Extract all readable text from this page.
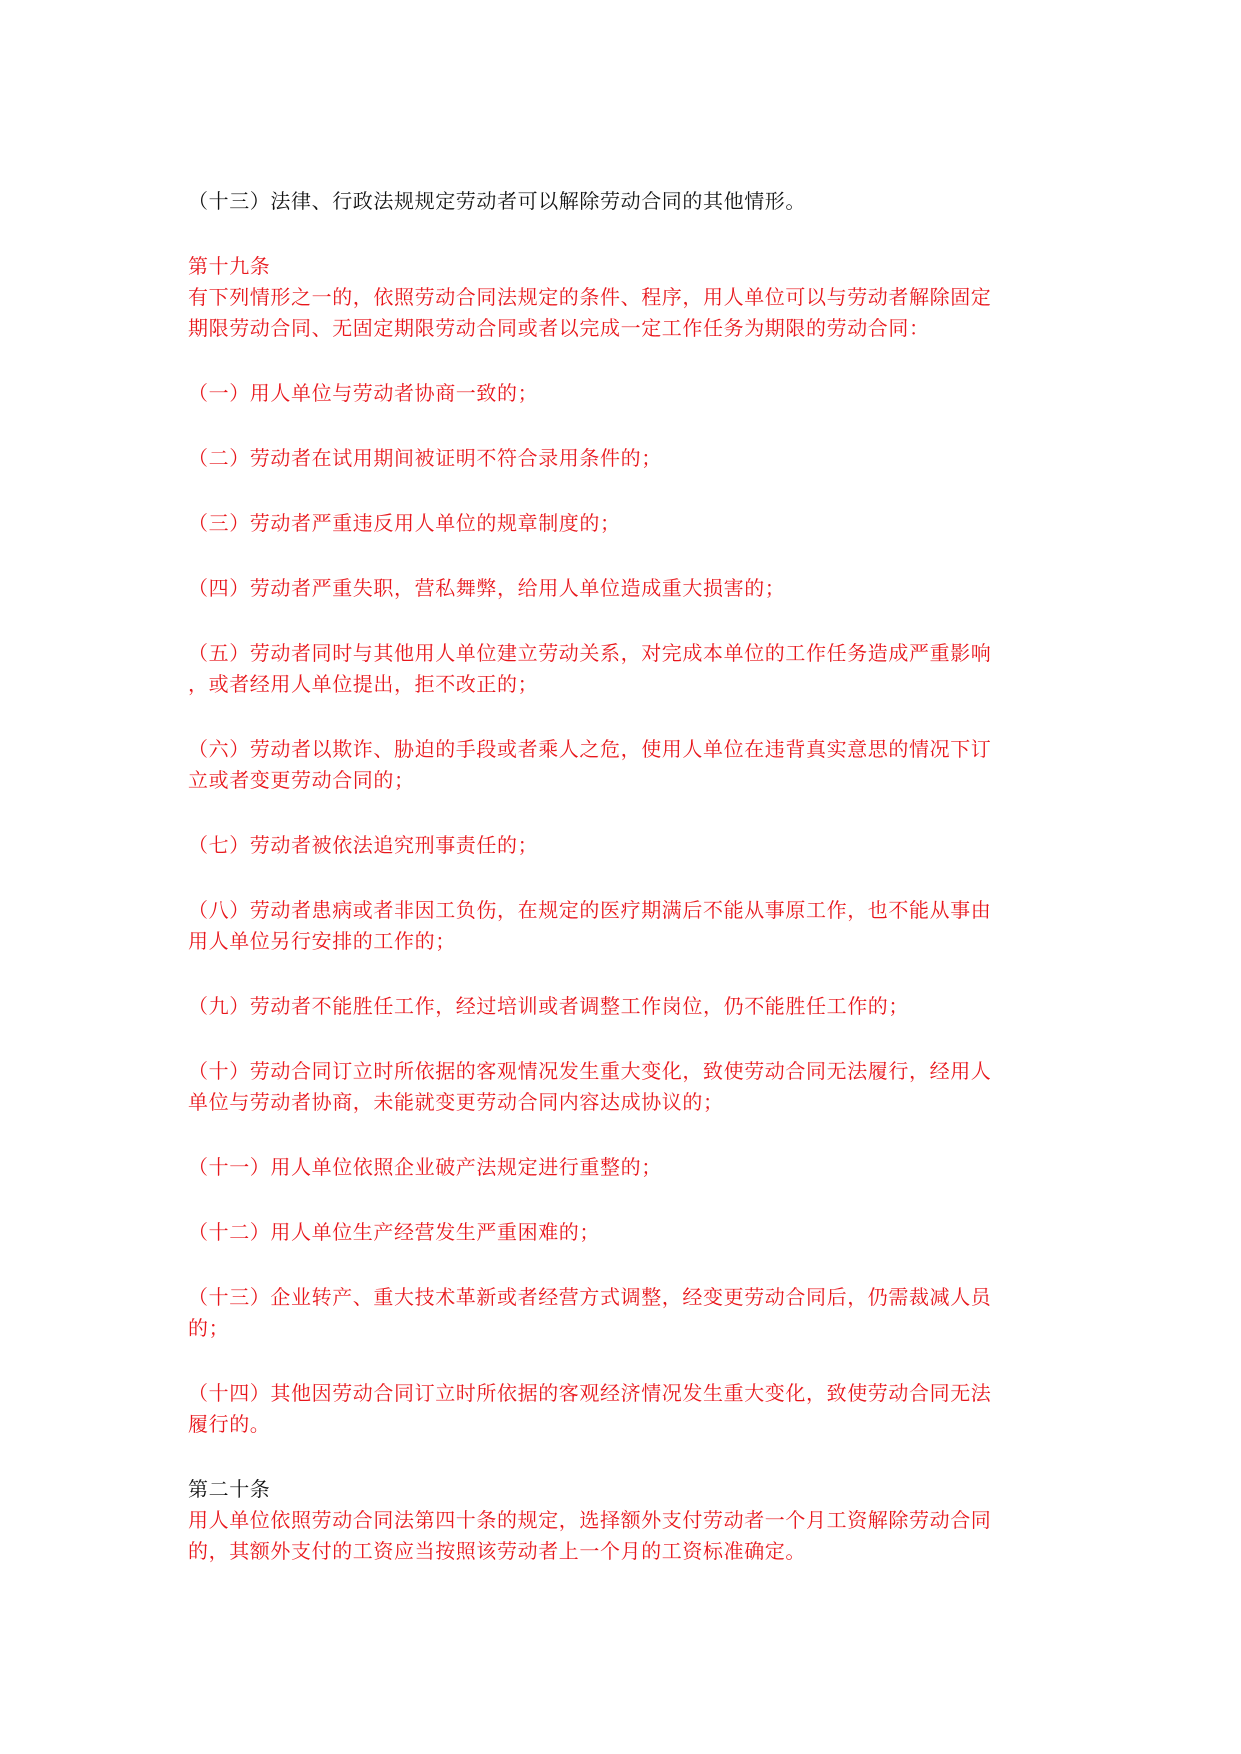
（十三）法律、行政法规规定劳动者可以解除劳动合同的其他情形。

第十九条

有下列情形之一的，依照劳动合同法规定的条件、程序，用人单位可以与劳动者解除固定
期限劳动合同、无固定期限劳动合同或者以完成一定工作任务为期限的劳动合同：

（一）用人单位与劳动者协商一致的；

（二）劳动者在试用期间被证明不符合录用条件的；

（三）劳动者严重违反用人单位的规章制度的；

（四）劳动者严重失职，营私舞弊，给用人单位造成重大损害的；

（五）劳动者同时与其他用人单位建立劳动关系，对完成本单位的工作任务造成严重影响
，或者经用人单位提出，拒不改正的；

（六）劳动者以欺诈、胁迫的手段或者乘人之危，使用人单位在违背真实意思的情况下订
立或者变更劳动合同的；

（七）劳动者被依法追究刑事责任的；

（八）劳动者患病或者非因工负伤，在规定的医疗期满后不能从事原工作，也不能从事由
用人单位另行安排的工作的；

（九）劳动者不能胜任工作，经过培训或者调整工作岗位，仍不能胜任工作的；

（十）劳动合同订立时所依据的客观情况发生重大变化，致使劳动合同无法履行，经用人
单位与劳动者协商，未能就变更劳动合同内容达成协议的；

（十一）用人单位依照企业破产法规定进行重整的；

（十二）用人单位生产经营发生严重困难的；

（十三）企业转产、重大技术革新或者经营方式调整，经变更劳动合同后，仍需裁减人员
的；

（十四）其他因劳动合同订立时所依据的客观经济情况发生重大变化，致使劳动合同无法
履行的。

第二十条

用人单位依照劳动合同法第四十条的规定，选择额外支付劳动者一个月工资解除劳动合同
的，其额外支付的工资应当按照该劳动者上一个月的工资标准确定。
